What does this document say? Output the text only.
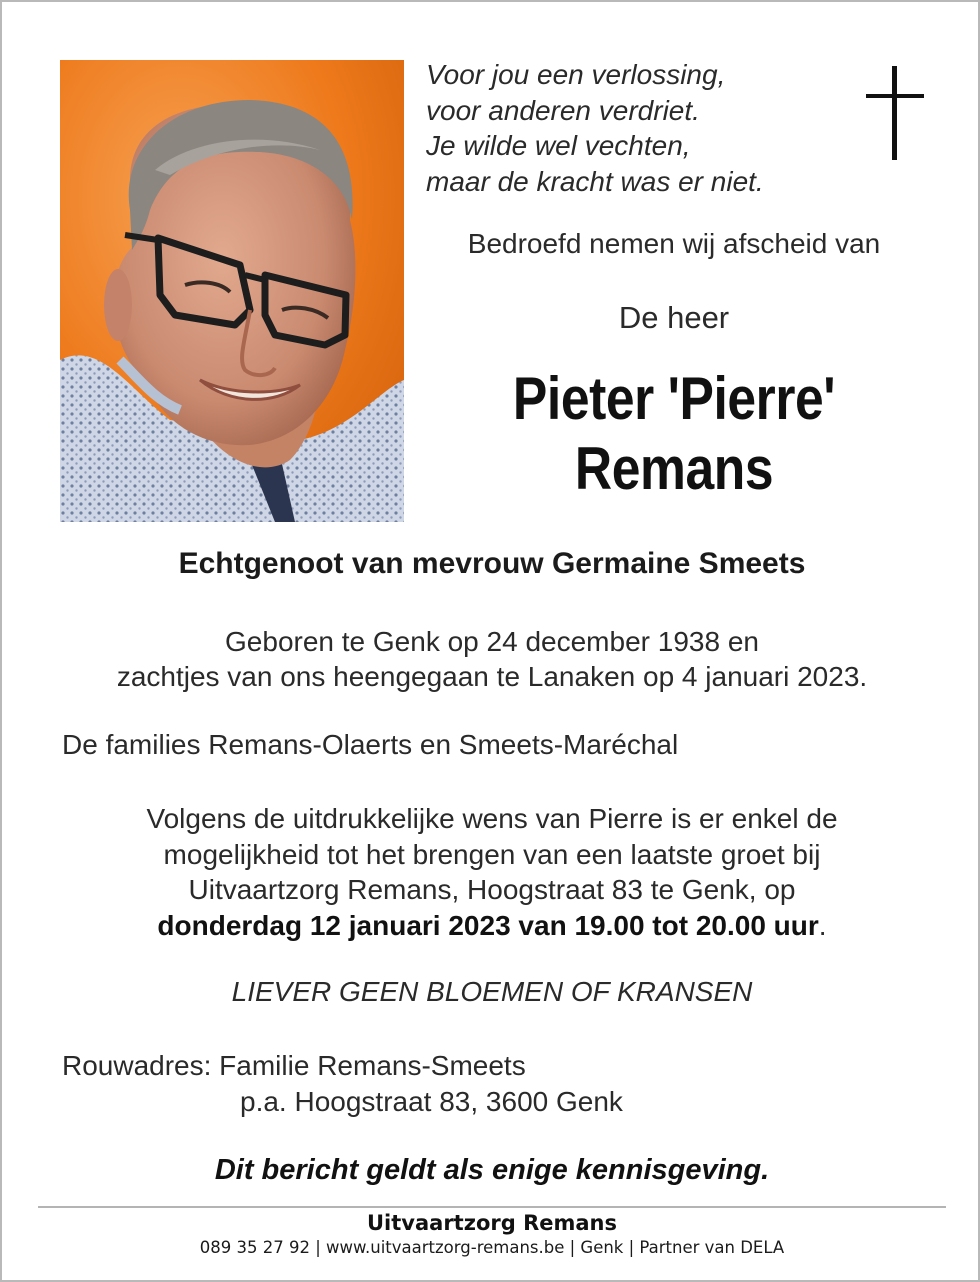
Voor jou een verlossing,
voor anderen verdriet.
Je wilde wel vechten,
maar de kracht was er niet.
Bedroefd nemen wij afscheid van
De heer
Pieter 'Pierre'
Remans
Echtgenoot van mevrouw Germaine Smeets
Geboren te Genk op 24 december 1938 en
zachtjes van ons heengegaan te Lanaken op 4 januari 2023.
De families Remans-Olaerts en Smeets-Maréchal
Volgens de uitdrukkelijke wens van Pierre is er enkel de
mogelijkheid tot het brengen van een laatste groet bij
Uitvaartzorg Remans, Hoogstraat 83 te Genk, op
donderdag 12 januari 2023 van 19.00 tot 20.00 uur.
LIEVER GEEN BLOEMEN OF KRANSEN
Rouwadres: Familie Remans-Smeets
p.a. Hoogstraat 83, 3600 Genk
Dit bericht geldt als enige kennisgeving.
Uitvaartzorg Remans
089 35 27 92 | www.uitvaartzorg-remans.be | Genk | Partner van DELA
